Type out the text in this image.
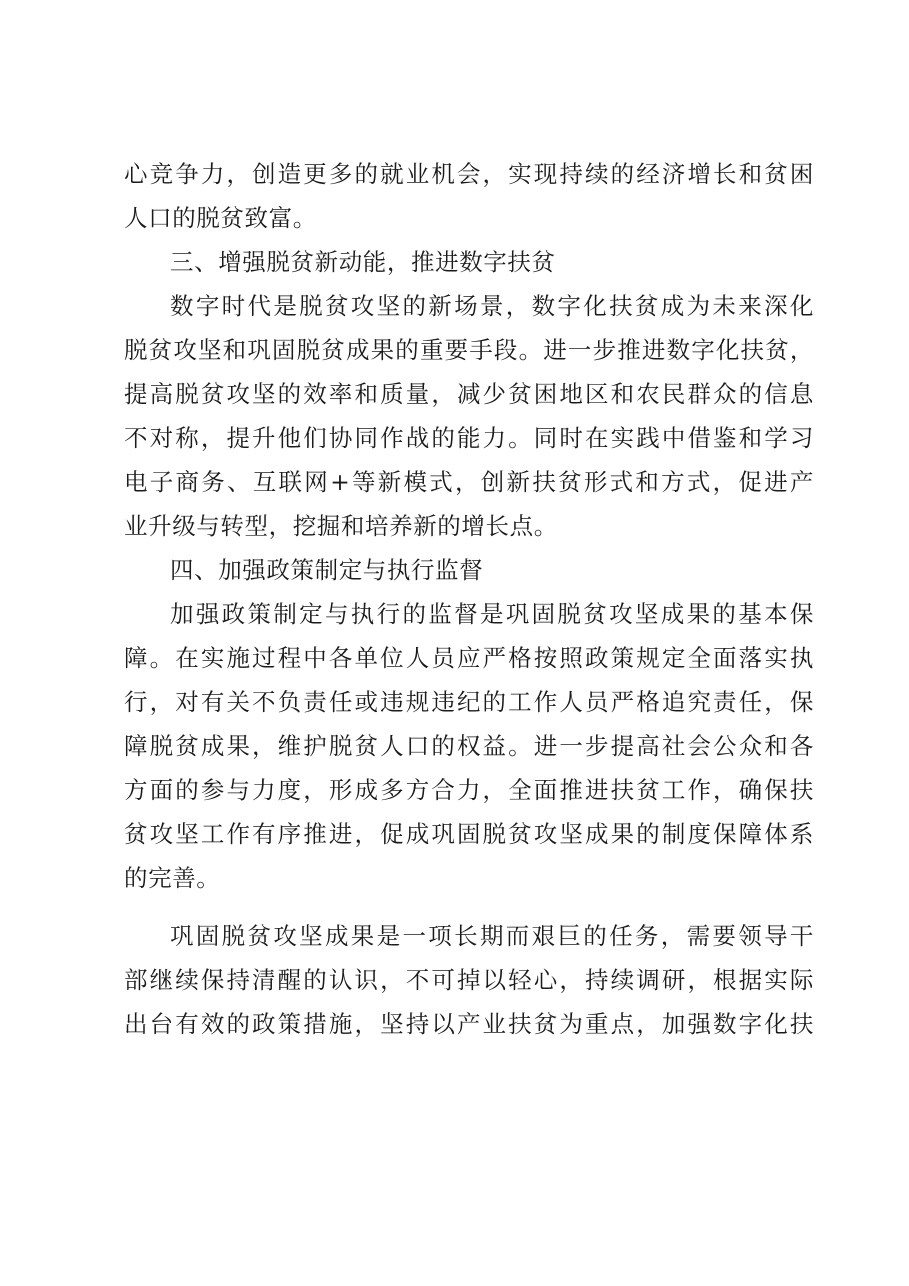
心竞争力，创造更多的就业机会，实现持续的经济增长和贫困
人口的脱贫致富。
三、增强脱贫新动能，推进数字扶贫
数字时代是脱贫攻坚的新场景，数字化扶贫成为未来深化
脱贫攻坚和巩固脱贫成果的重要手段。进一步推进数字化扶贫，
提高脱贫攻坚的效率和质量，减少贫困地区和农民群众的信息
不对称，提升他们协同作战的能力。同时在实践中借鉴和学习
电子商务、互联网+等新模式，创新扶贫形式和方式，促进产
业升级与转型，挖掘和培养新的增长点。
四、加强政策制定与执行监督
加强政策制定与执行的监督是巩固脱贫攻坚成果的基本保
障。在实施过程中各单位人员应严格按照政策规定全面落实执
行，对有关不负责任或违规违纪的工作人员严格追究责任，保
障脱贫成果，维护脱贫人口的权益。进一步提高社会公众和各
方面的参与力度，形成多方合力，全面推进扶贫工作，确保扶
贫攻坚工作有序推进，促成巩固脱贫攻坚成果的制度保障体系
的完善。
巩固脱贫攻坚成果是一项长期而艰巨的任务，需要领导干
部继续保持清醒的认识，不可掉以轻心，持续调研，根据实际
出台有效的政策措施，坚持以产业扶贫为重点，加强数字化扶
